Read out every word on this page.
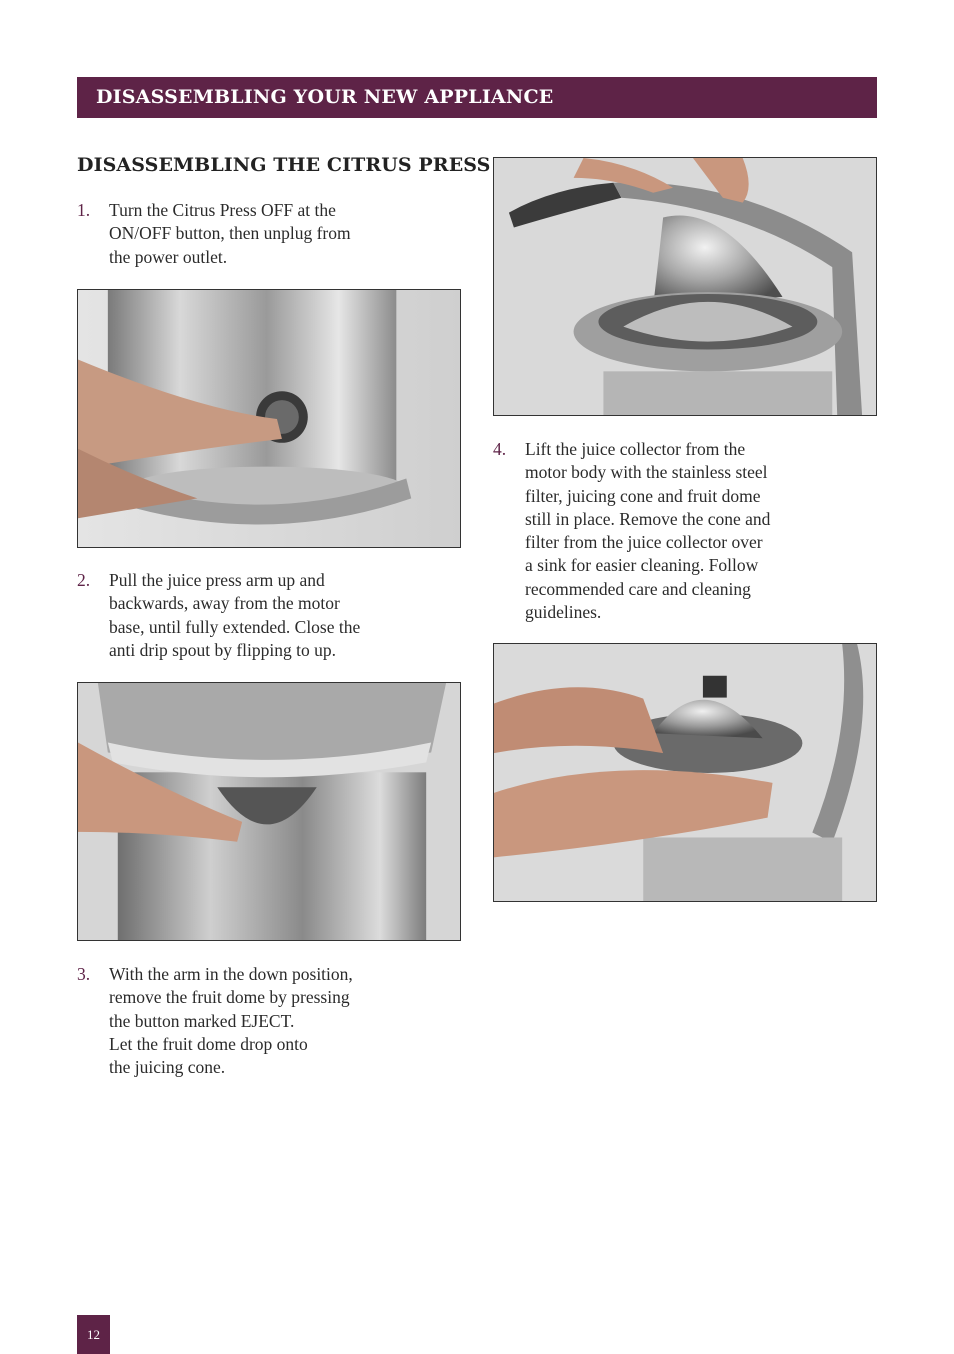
DISASSEMBLING YOUR NEW APPLIANCE
DISASSEMBLING THE CITRUS PRESS
1. Turn the Citrus Press OFF at the
ON/OFF button, then unplug from
the power outlet.
2. Pull the juice press arm up and
backwards, away from the motor
base, until fully extended. Close the
anti drip spout by flipping to up.
3. With the arm in the down position,
remove the fruit dome by pressing
the button marked EJECT.
Let the fruit dome drop onto
the juicing cone.
4. Lift the juice collector from the
motor body with the stainless steel
filter, juicing cone and fruit dome
still in place. Remove the cone and
filter from the juice collector over
a sink for easier cleaning. Follow
recommended care and cleaning
guidelines.
12
